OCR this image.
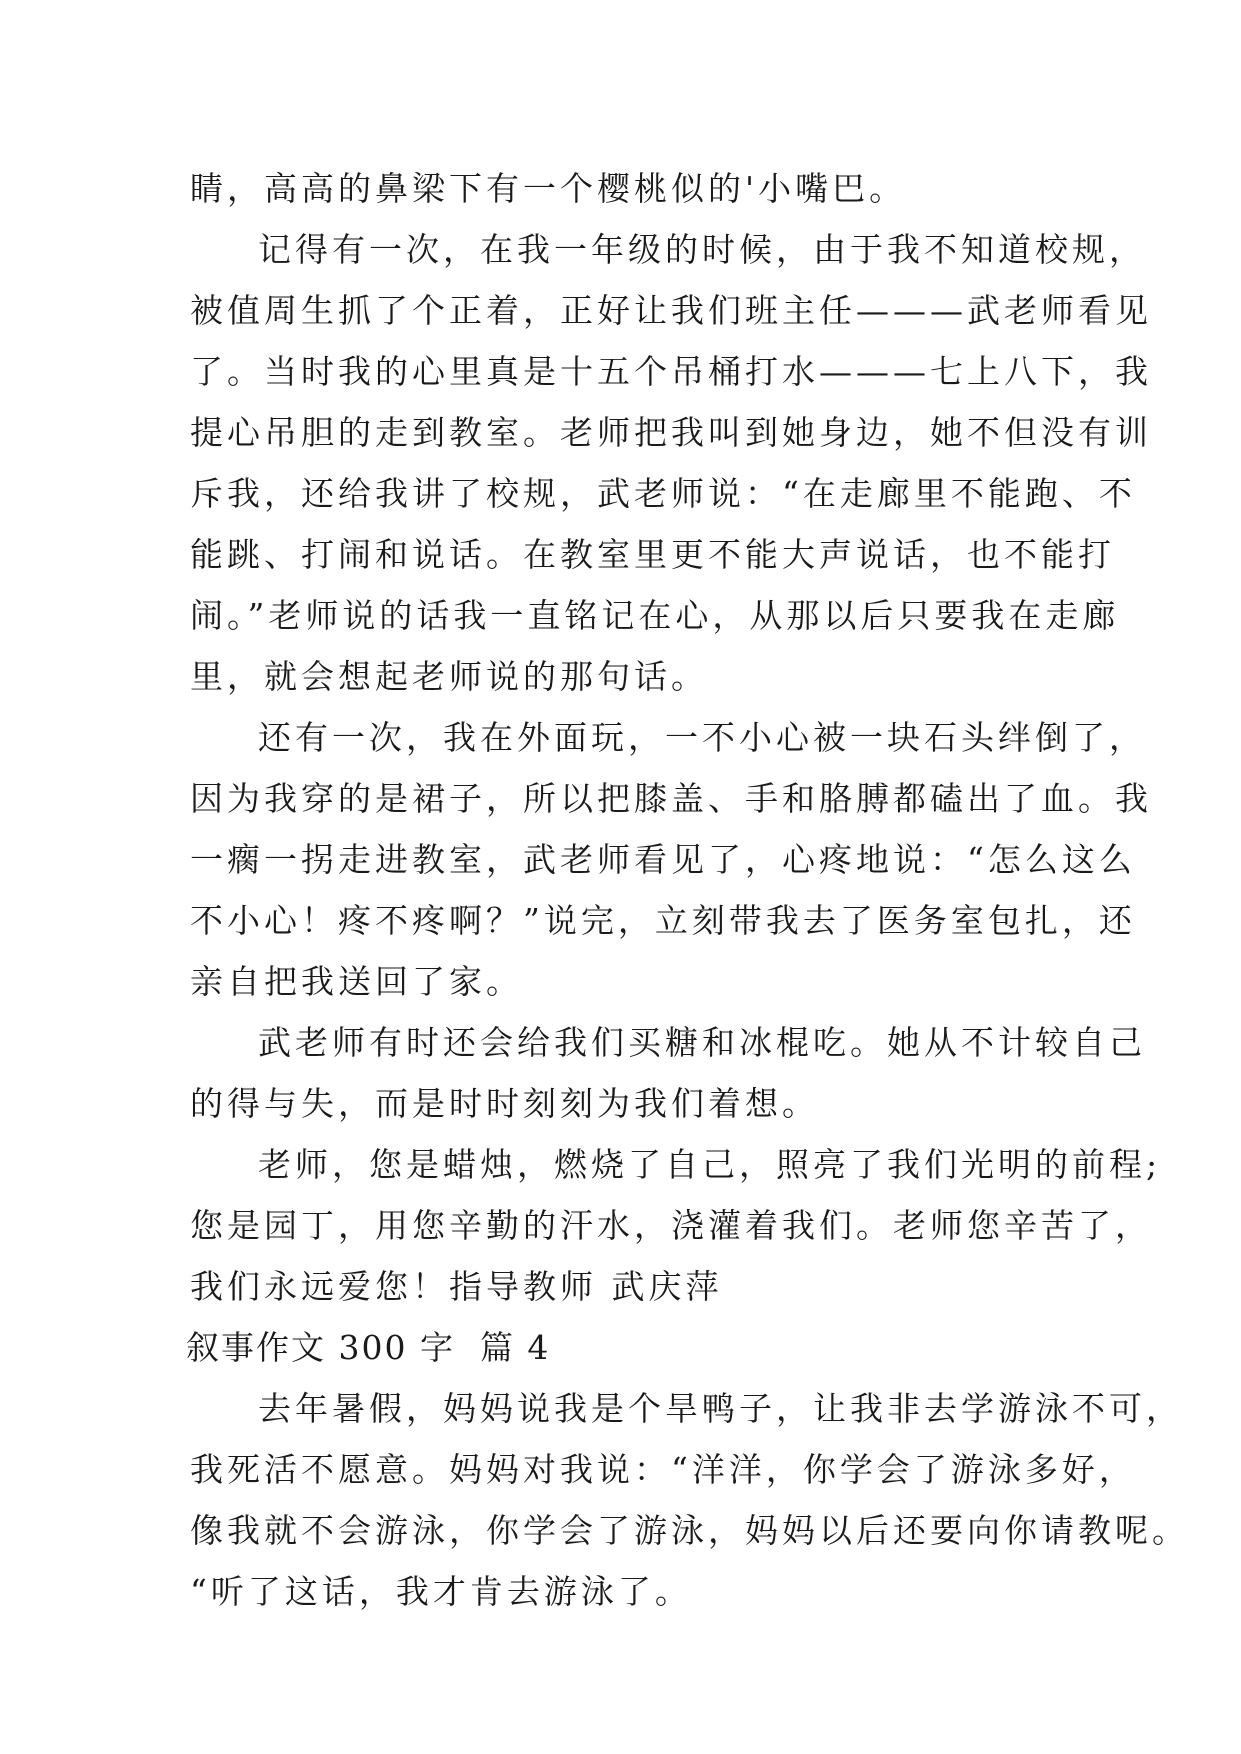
睛，高高的鼻梁下有一个樱桃似的'小嘴巴。
记得有一次，在我一年级的时候，由于我不知道校规，
被值周生抓了个正着，正好让我们班主任———武老师看见
了。当时我的心里真是十五个吊桶打水———七上八下，我
提心吊胆的走到教室。老师把我叫到她身边，她不但没有训
斥我，还给我讲了校规，武老师说：“在走廊里不能跑、不
能跳、打闹和说话。在教室里更不能大声说话，也不能打
闹。”老师说的话我一直铭记在心，从那以后只要我在走廊
里，就会想起老师说的那句话。
还有一次，我在外面玩，一不小心被一块石头绊倒了，
因为我穿的是裙子，所以把膝盖、手和胳膊都磕出了血。我
一瘸一拐走进教室，武老师看见了，心疼地说：“怎么这么
不小心！疼不疼啊？”说完，立刻带我去了医务室包扎，还
亲自把我送回了家。
武老师有时还会给我们买糖和冰棍吃。她从不计较自己
的得与失，而是时时刻刻为我们着想。
老师，您是蜡烛，燃烧了自己，照亮了我们光明的前程;
您是园丁，用您辛勤的汗水，浇灌着我们。老师您辛苦了，
我们永远爱您！指导教师 武庆萍
叙事作文 300 字  篇 4
去年暑假，妈妈说我是个旱鸭子，让我非去学游泳不可，
我死活不愿意。妈妈对我说：“洋洋，你学会了游泳多好，
像我就不会游泳，你学会了游泳，妈妈以后还要向你请教呢。
“听了这话，我才肯去游泳了。
